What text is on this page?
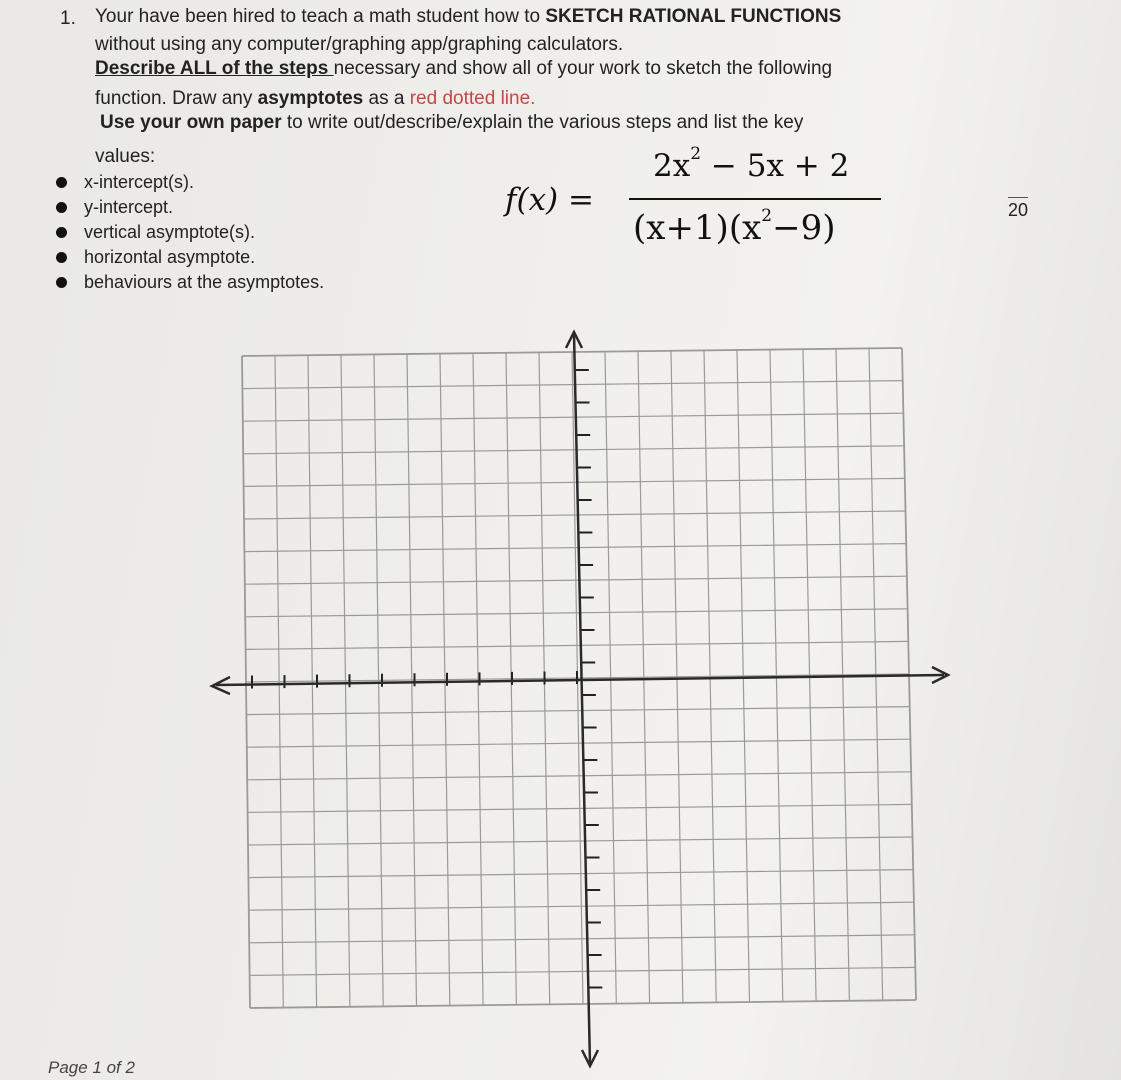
1. Your have been hired to teach a math student how to SKETCH RATIONAL FUNCTIONS
without using any computer/graphing app/graphing calculators.
Describe ALL of the steps necessary and show all of your work to sketch the following
function. Draw any asymptotes as a red dotted line.
Use your own paper to write out/describe/explain the various steps and list the key
values:
x-intercept(s).
y-intercept.
vertical asymptote(s).
horizontal asymptote.
behaviours at the asymptotes.
f(x) =
$2x^2 - 5x + 2$
$(x+1)(x^2-9)$	20
Page 1 of 2
